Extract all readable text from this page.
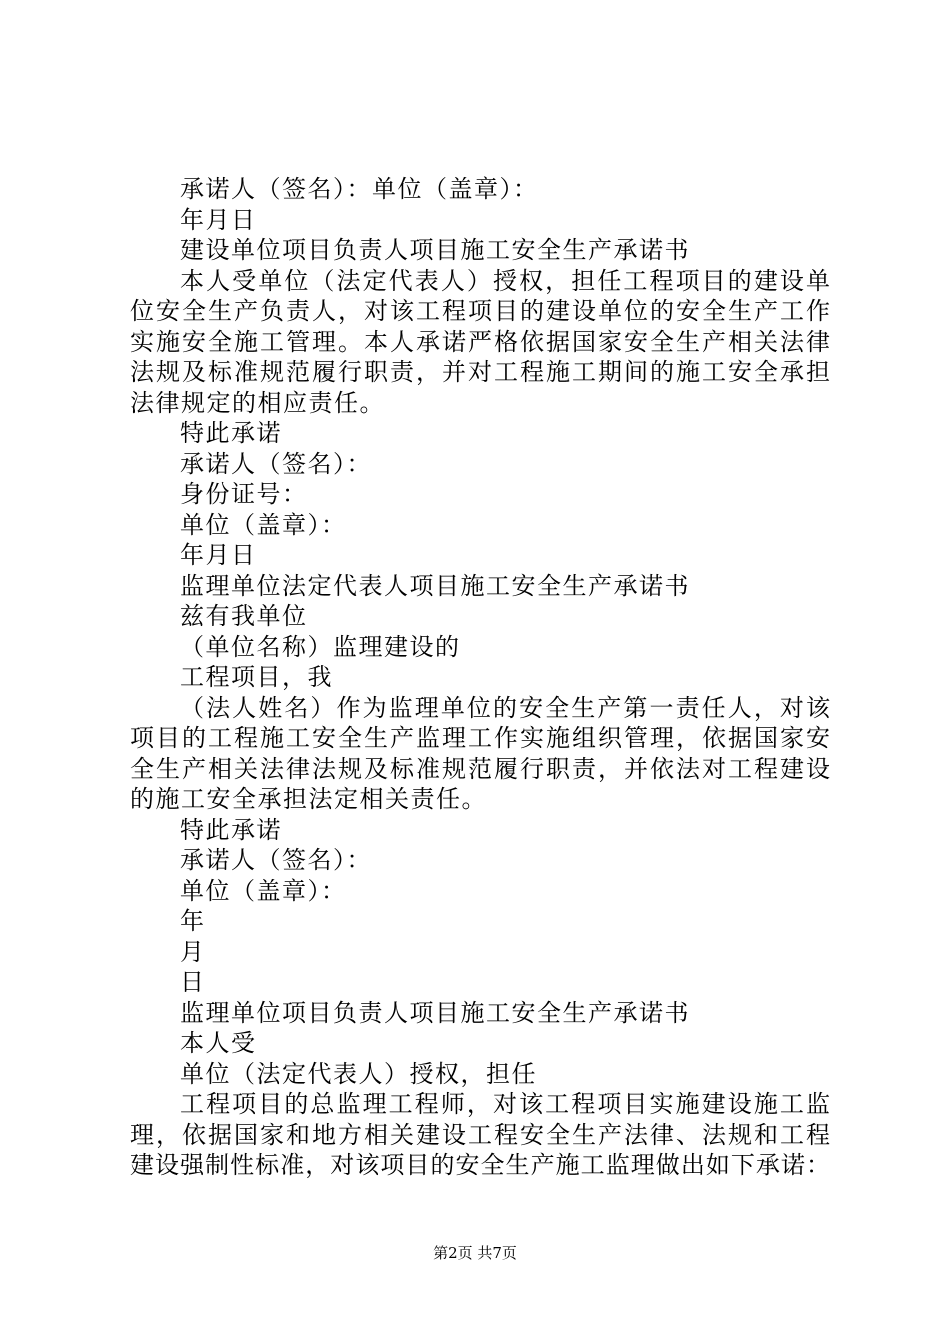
承诺人（签名）：单位（盖章）：
年月日
建设单位项目负责人项目施工安全生产承诺书
本人受单位（法定代表人）授权，担任工程项目的建设单
位安全生产负责人，对该工程项目的建设单位的安全生产工作
实施安全施工管理。本人承诺严格依据国家安全生产相关法律
法规及标准规范履行职责，并对工程施工期间的施工安全承担
法律规定的相应责任。
特此承诺
承诺人（签名）：
身份证号：
单位（盖章）：
年月日
监理单位法定代表人项目施工安全生产承诺书
兹有我单位
（单位名称）监理建设的
工程项目，我
（法人姓名）作为监理单位的安全生产第一责任人，对该
项目的工程施工安全生产监理工作实施组织管理，依据国家安
全生产相关法律法规及标准规范履行职责，并依法对工程建设
的施工安全承担法定相关责任。
特此承诺
承诺人（签名）：
单位（盖章）：
年
月
日
监理单位项目负责人项目施工安全生产承诺书
本人受
单位（法定代表人）授权，担任
工程项目的总监理工程师，对该工程项目实施建设施工监
理，依据国家和地方相关建设工程安全生产法律、法规和工程
建设强制性标准，对该项目的安全生产施工监理做出如下承诺：
第2页 共7页
